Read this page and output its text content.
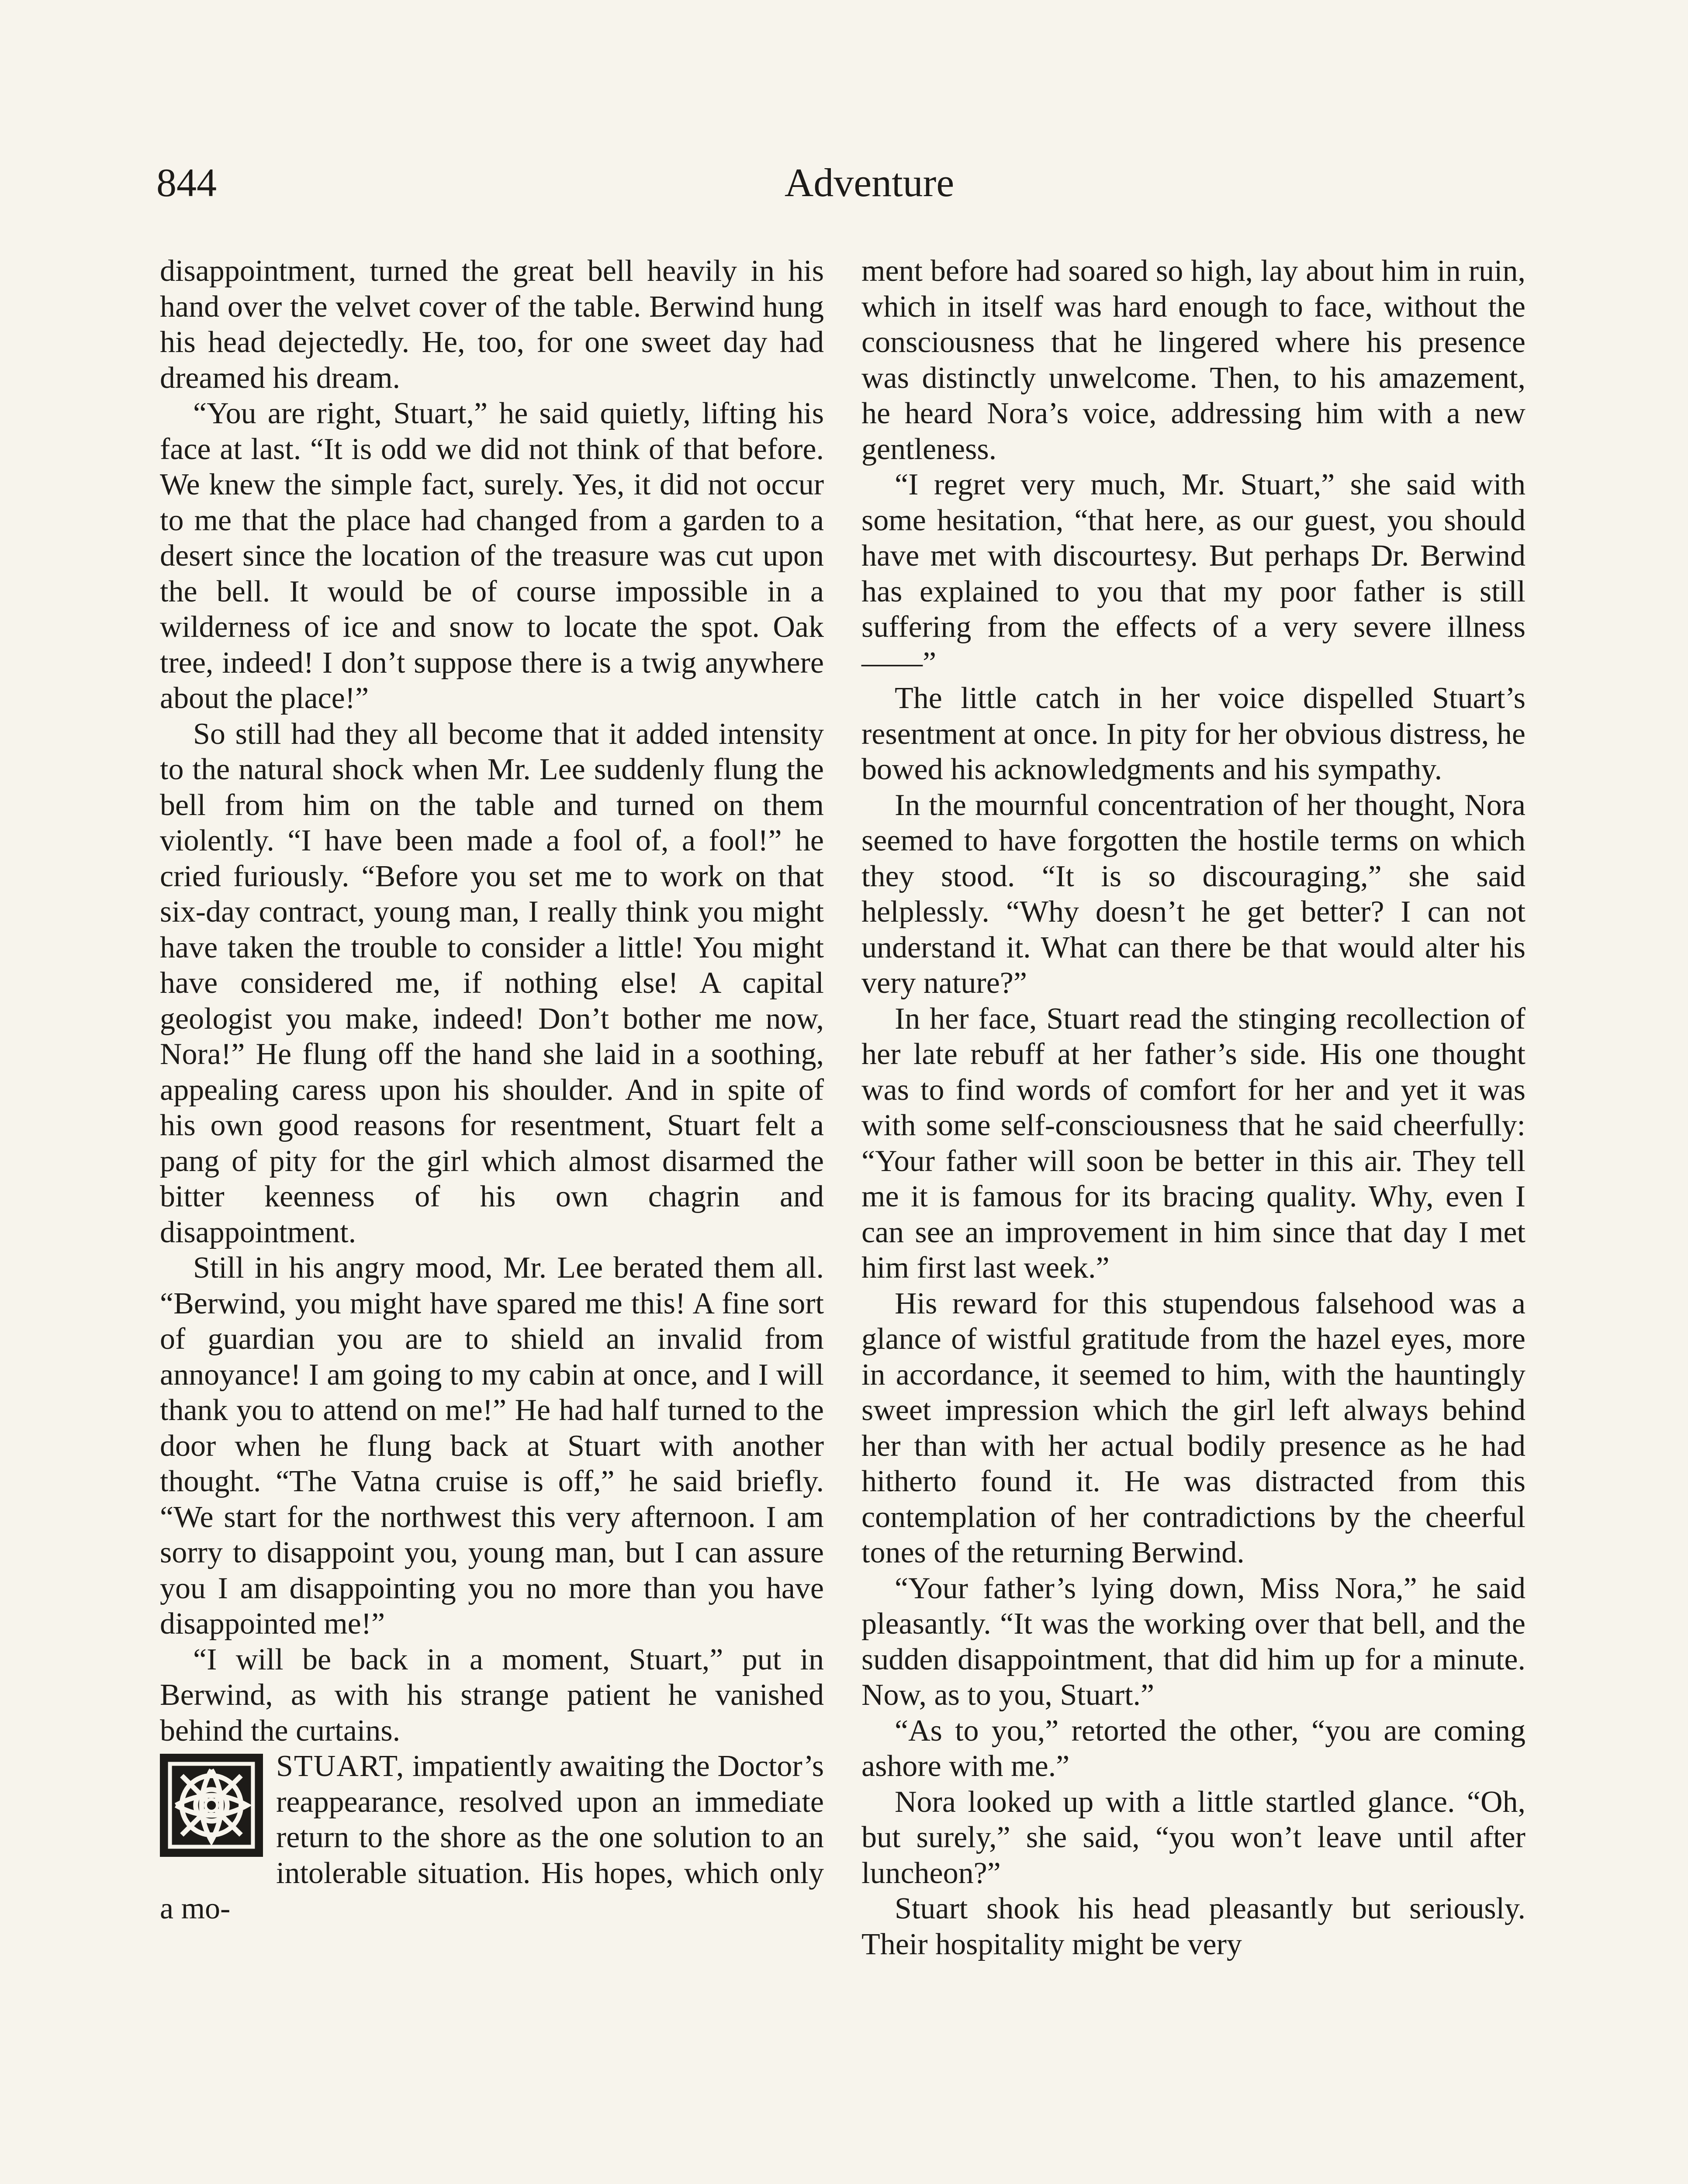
844	Adventure

disappointment, turned the great bell heavily in his hand over the velvet cover of the table. Berwind hung his head dejectedly. He, too, for one sweet day had dreamed his dream.

“You are right, Stuart,” he said quietly, lifting his face at last. “It is odd we did not think of that before. We knew the simple fact, surely. Yes, it did not occur to me that the place had changed from a garden to a desert since the location of the treasure was cut upon the bell. It would be of course impossible in a wilderness of ice and snow to locate the spot. Oak tree, indeed! I don’t suppose there is a twig anywhere about the place!”

So still had they all become that it added intensity to the natural shock when Mr. Lee suddenly flung the bell from him on the table and turned on them violently. “I have been made a fool of, a fool!” he cried furiously. “Before you set me to work on that six-day contract, young man, I really think you might have taken the trouble to consider a little! You might have considered me, if nothing else! A capital geologist you make, indeed! Don’t bother me now, Nora!” He flung off the hand she laid in a soothing, appealing caress upon his shoulder. And in spite of his own good reasons for resentment, Stuart felt a pang of pity for the girl which almost disarmed the bitter keenness of his own chagrin and disappointment.

Still in his angry mood, Mr. Lee berated them all. “Berwind, you might have spared me this! A fine sort of guardian you are to shield an invalid from annoyance! I am going to my cabin at once, and I will thank you to attend on me!” He had half turned to the door when he flung back at Stuart with another thought. “The Vatna cruise is off,” he said briefly. “We start for the northwest this very afternoon. I am sorry to disappoint you, young man, but I can assure you I am disappointing you no more than you have disappointed me!”

“I will be back in a moment, Stuart,” put in Berwind, as with his strange patient he vanished behind the curtains.

STUART, impatiently awaiting the Doctor’s reappearance, resolved upon an immediate return to the shore as the one solution to an intolerable situation. His hopes, which only a mo-

ment before had soared so high, lay about him in ruin, which in itself was hard enough to face, without the consciousness that he lingered where his presence was distinctly unwelcome. Then, to his amazement, he heard Nora’s voice, addressing him with a new gentleness.

“I regret very much, Mr. Stuart,” she said with some hesitation, “that here, as our guest, you should have met with discourtesy. But perhaps Dr. Berwind has explained to you that my poor father is still suffering from the effects of a very severe illness——”

The little catch in her voice dispelled Stuart’s resentment at once. In pity for her obvious distress, he bowed his acknowledgments and his sympathy.

In the mournful concentration of her thought, Nora seemed to have forgotten the hostile terms on which they stood. “It is so discouraging,” she said helplessly. “Why doesn’t he get better? I can not understand it. What can there be that would alter his very nature?”

In her face, Stuart read the stinging recollection of her late rebuff at her father’s side. His one thought was to find words of comfort for her and yet it was with some self-consciousness that he said cheerfully: “Your father will soon be better in this air. They tell me it is famous for its bracing quality. Why, even I can see an improvement in him since that day I met him first last week.”

His reward for this stupendous falsehood was a glance of wistful gratitude from the hazel eyes, more in accordance, it seemed to him, with the hauntingly sweet impression which the girl left always behind her than with her actual bodily presence as he had hitherto found it. He was distracted from this contemplation of her contradictions by the cheerful tones of the returning Berwind.

“Your father’s lying down, Miss Nora,” he said pleasantly. “It was the working over that bell, and the sudden disappointment, that did him up for a minute. Now, as to you, Stuart.”

“As to you,” retorted the other, “you are coming ashore with me.”

Nora looked up with a little startled glance. “Oh, but surely,” she said, “you won’t leave until after luncheon?”

Stuart shook his head pleasantly but seriously. Their hospitality might be very
